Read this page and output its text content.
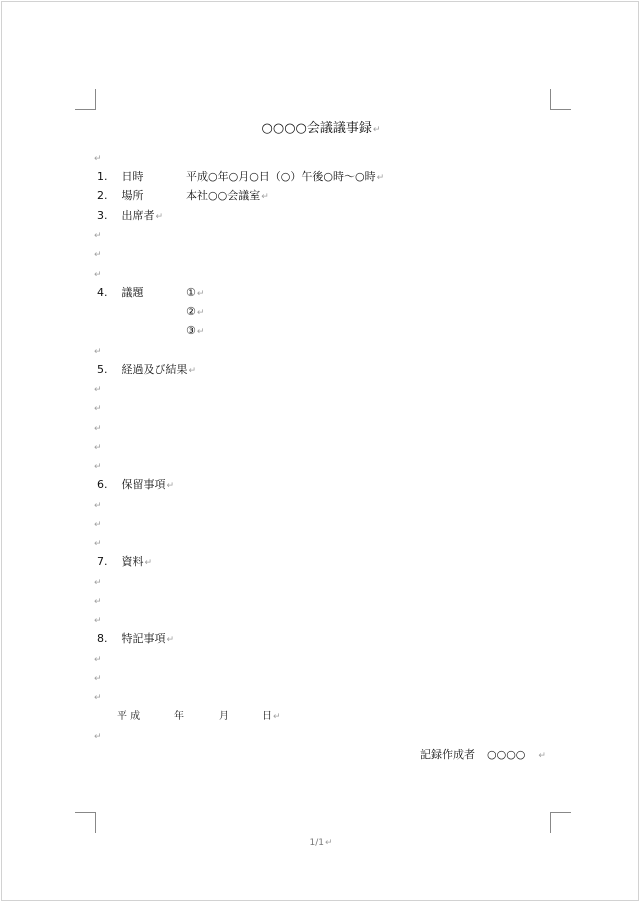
○○○○会議議事録↵
↵
1. 日時	平成○年○月○日（○）午後○時～○時↵
2. 場所	本社○○会議室↵
3. 出席者↵
↵
↵
↵
4. 議題	①↵
②↵
③↵
↵
5. 経過及び結果↵
↵
↵
↵
↵
↵
6. 保留事項↵
↵
↵
↵
7. 資料↵
↵
↵
↵
8. 特記事項↵
↵
↵
↵
平 成	年	月	日↵
↵
記録作成者 ○○○○ ↵
1/1↵
